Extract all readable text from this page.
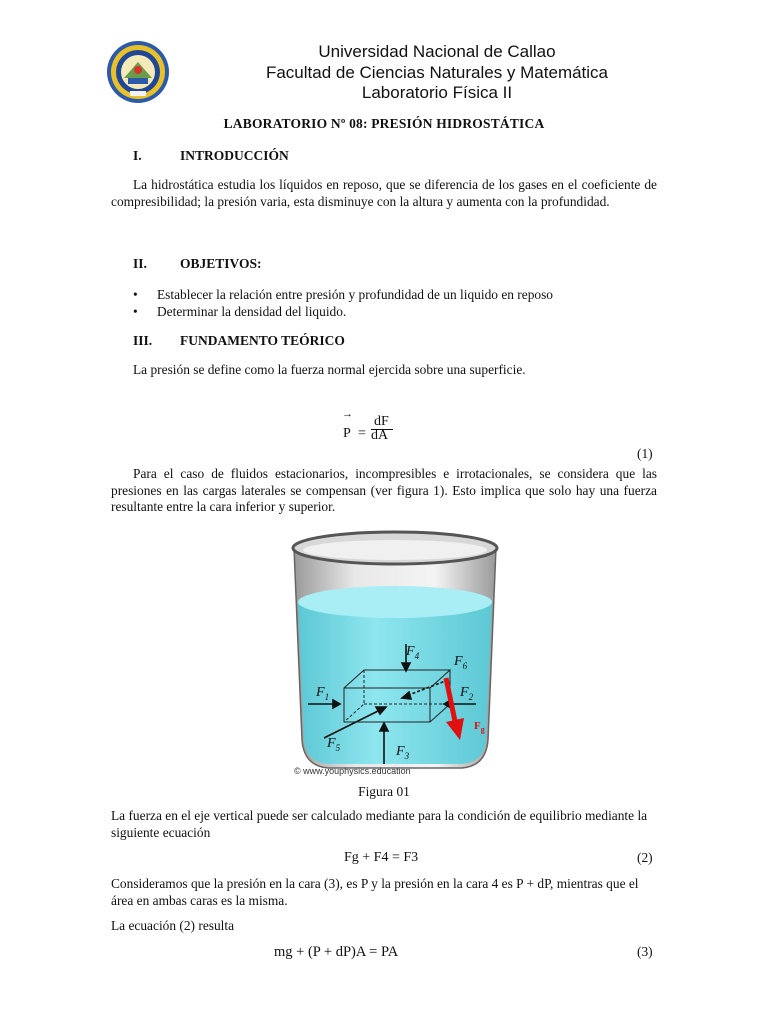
Universidad Nacional de Callao
Facultad de Ciencias Naturales y Matemática
Laboratorio Física II
LABORATORIO Nº 08: PRESIÓN HIDROSTÁTICA
I.	INTRODUCCIÓN
La hidrostática estudia los líquidos en reposo, que se diferencia de los gases en el coeficiente de compresibilidad; la presión varia, esta disminuye con la altura y aumenta con la profundidad.
II. OBJETIVOS:
• Establecer la relación entre presión y profundidad de un liquido en reposo
• Determinar la densidad del liquido.
III. FUNDAMENTO TEÓRICO
La presión se define como la fuerza normal ejercida sobre una superficie.
→
P =
dF
dA
(1)
Para el caso de fluidos estacionarios, incompresibles e irrotacionales, se considera que las presiones en las cargas laterales se compensan (ver figura 1). Esto implica que solo hay una fuerza resultante entre la cara inferior y superior.
© www.youphysics.education
$F_4$ $F_6$
$F_1$	$F_2$
$F_g$
$F_5$	$F_3$
Figura 01
La fuerza en el eje vertical puede ser calculado mediante para la condición de equilibrio mediante la siguiente ecuación
Fg + F4 = F3	(2)
Consideramos que la presión en la cara (3), es P y la presión en la cara 4 es P + dP, mientras que el área en ambas caras es la misma.
La ecuación (2) resulta
mg + (P + dP)A = PA	(3)
